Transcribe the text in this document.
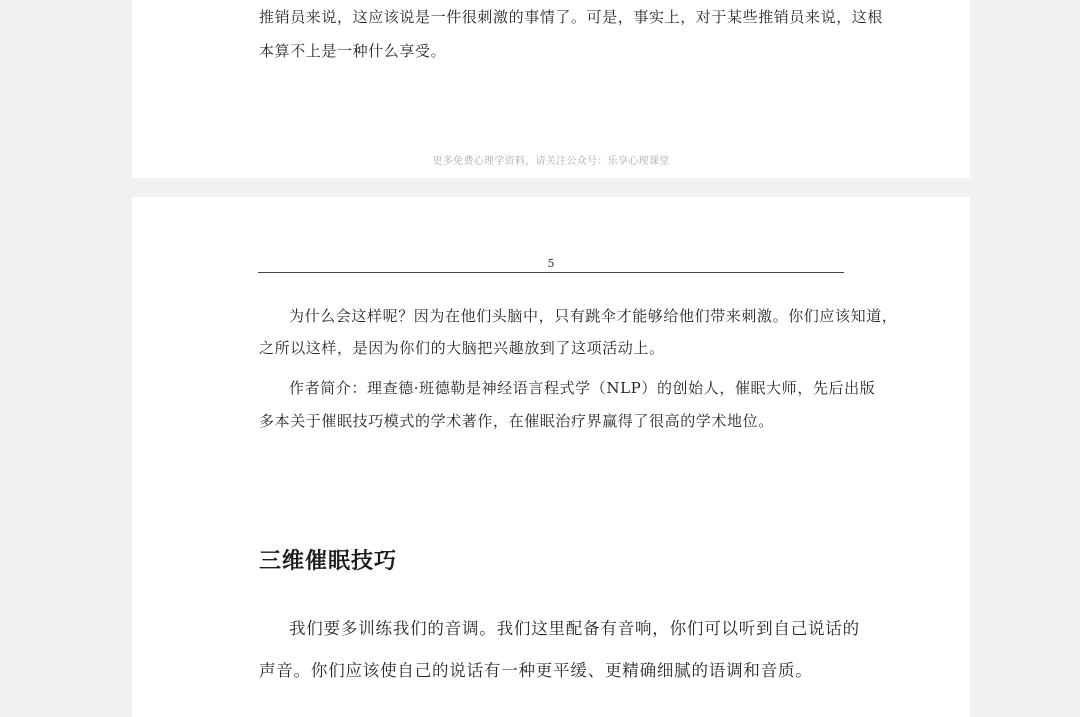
推销员来说，这应该说是一件很刺激的事情了。可是，事实上，对于某些推销员来说，这根

本算不上是一种什么享受。

更多免费心理学资料，请关注公众号：乐享心理课堂
5

为什么会这样呢？因为在他们头脑中，只有跳伞才能够给他们带来刺激。你们应该知道，

之所以这样，是因为你们的大脑把兴趣放到了这项活动上。

作者简介：理查德·班德勒是神经语言程式学（NLP）的创始人，催眠大师，先后出版

多本关于催眠技巧模式的学术著作，在催眠治疗界赢得了很高的学术地位。

三维催眠技巧

我们要多训练我们的音调。我们这里配备有音响，你们可以听到自己说话的

声音。你们应该使自己的说话有一种更平缓、更精确细腻的语调和音质。
